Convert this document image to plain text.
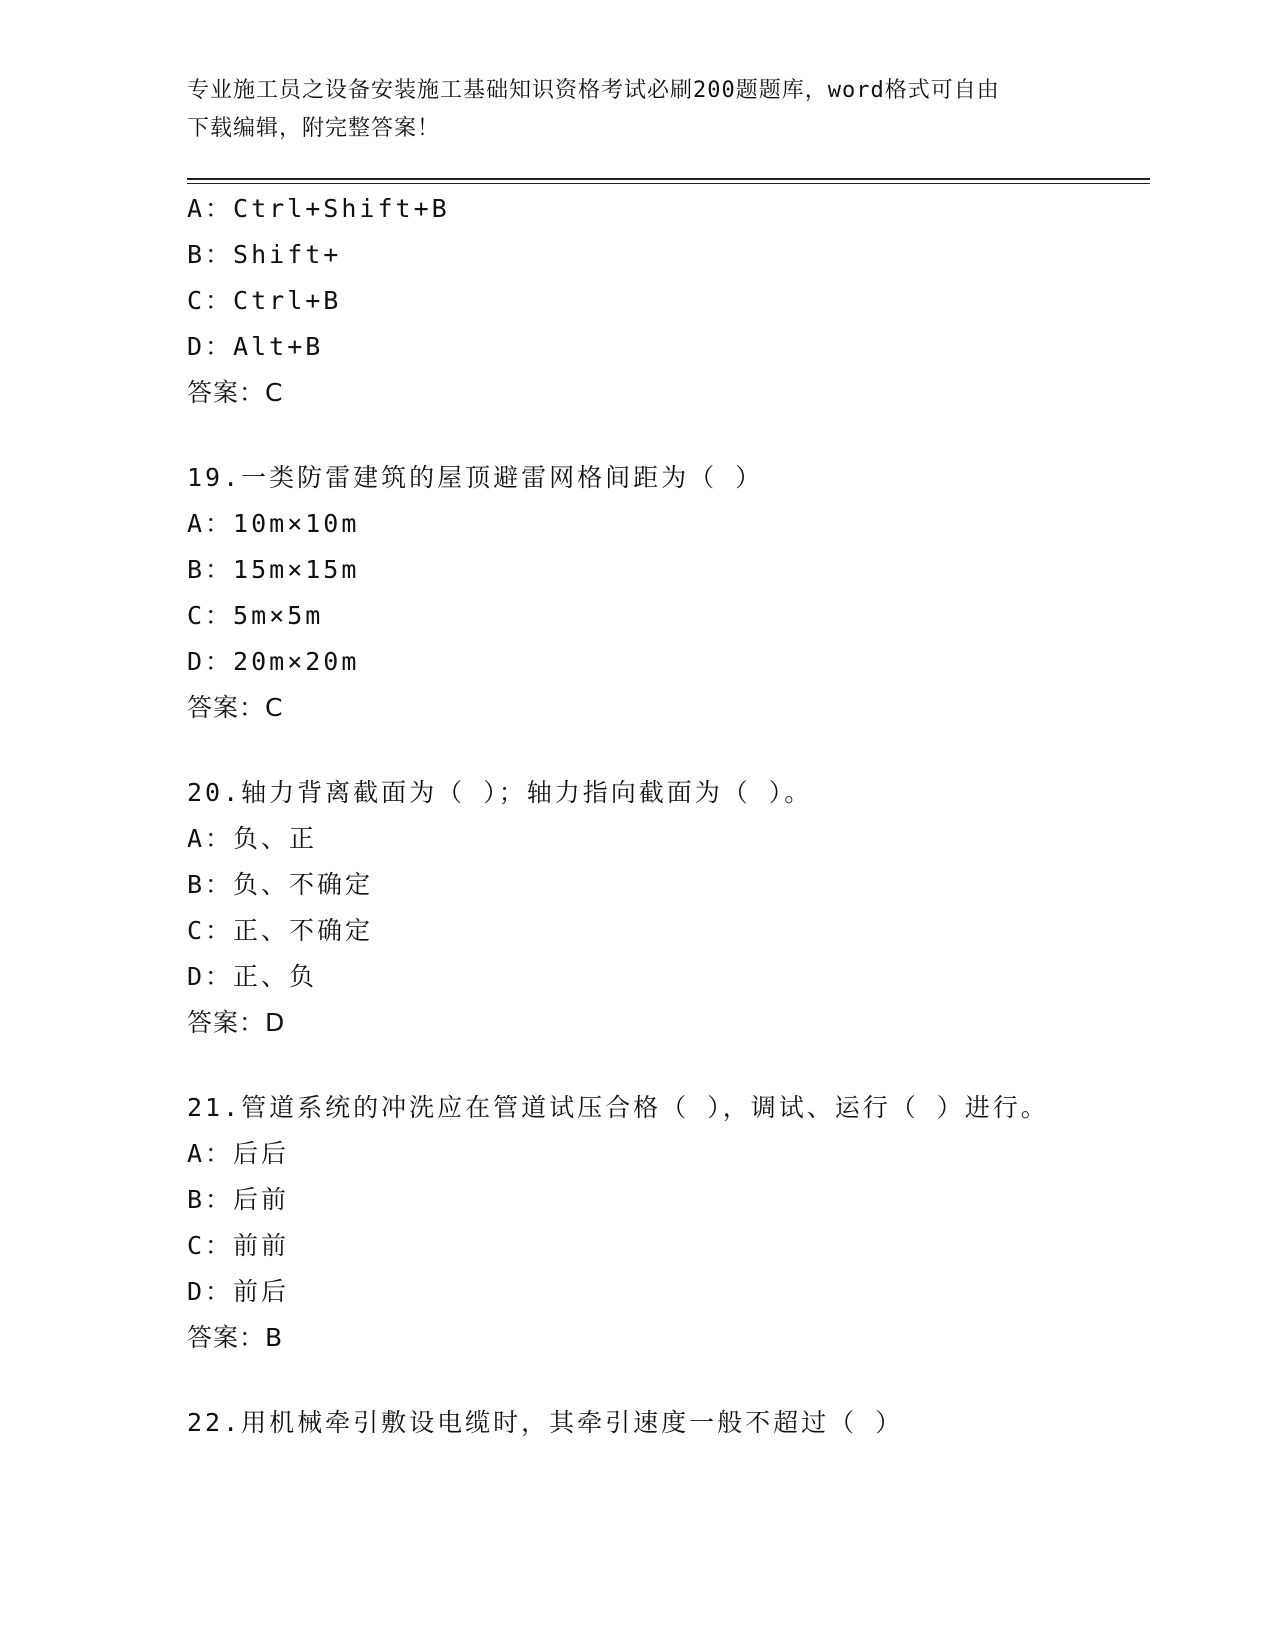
专业施工员之设备安装施工基础知识资格考试必刷200题题库，word格式可自由
下载编辑，附完整答案！
A：Ctrl+Shift+B
B：Shift+
C：Ctrl+B
D：Alt+B
答案：C
19.一类防雷建筑的屋顶避雷网格间距为（ ）
A：10m×10m
B：15m×15m
C：5m×5m
D：20m×20m
答案：C
20.轴力背离截面为（ ）；轴力指向截面为（ ）。
A：负、正
B：负、不确定
C：正、不确定
D：正、负
答案：D
21.管道系统的冲洗应在管道试压合格（ ），调试、运行（ ）进行。
A：后后
B：后前
C：前前
D：前后
答案：B
22.用机械牵引敷设电缆时，其牵引速度一般不超过（ ）
